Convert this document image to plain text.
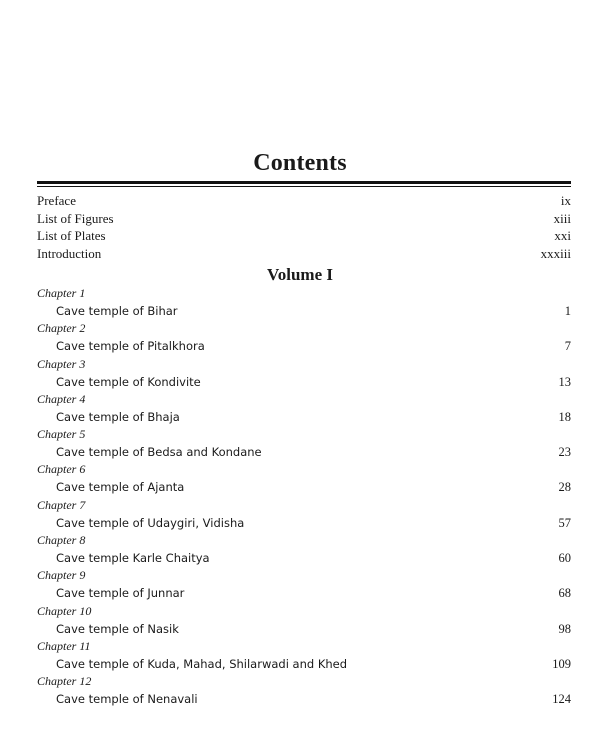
Contents
Preface	ix
List of Figures	xiii
List of Plates	xxi
Introduction	xxxiii
Volume I
Chapter 1
Cave temple of Bihar	1
Chapter 2
Cave temple of Pitalkhora	7
Chapter 3
Cave temple of Kondivite	13
Chapter 4
Cave temple of Bhaja	18
Chapter 5
Cave temple of Bedsa and Kondane	23
Chapter 6
Cave temple of Ajanta	28
Chapter 7
Cave temple of Udaygiri, Vidisha	57
Chapter 8
Cave temple Karle Chaitya	60
Chapter 9
Cave temple of Junnar	68
Chapter 10
Cave temple of Nasik	98
Chapter 11
Cave temple of Kuda, Mahad, Shilarwadi and Khed	109
Chapter 12
Cave temple of Nenavali	124
